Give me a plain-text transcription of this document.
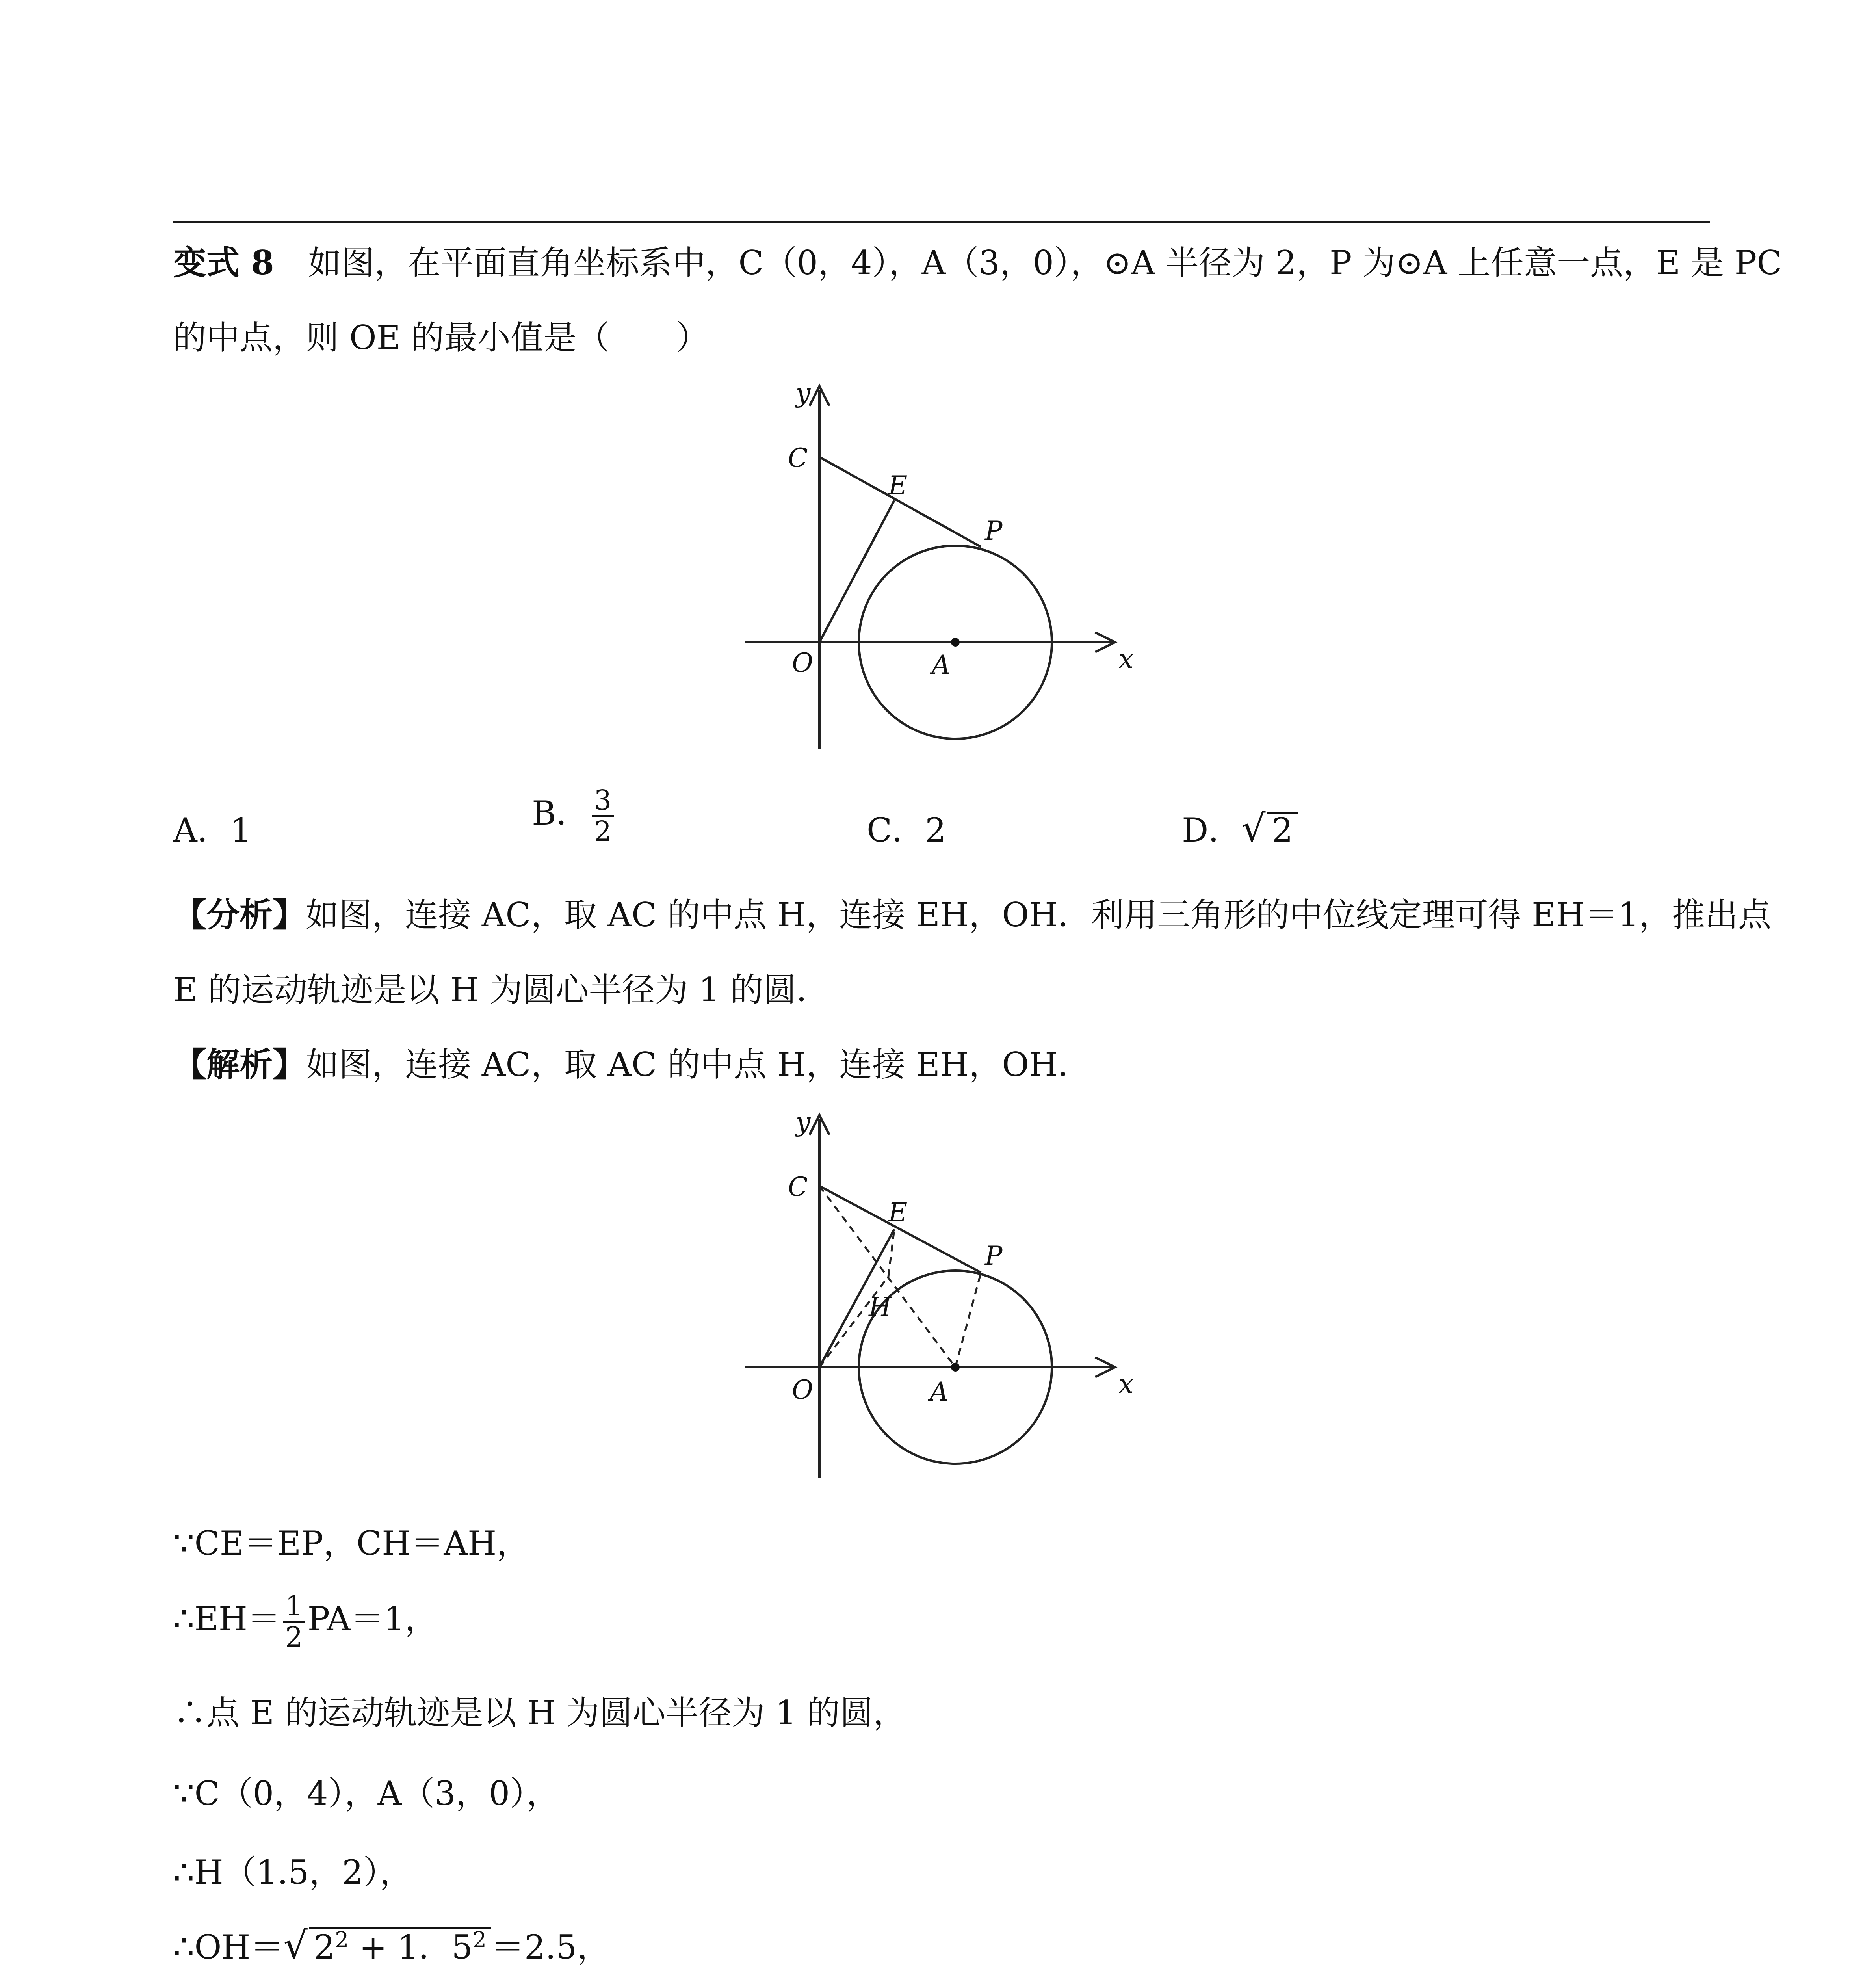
变式 8 如图，在平面直角坐标系中，C（0，4），A（3，0），⊙A 半径为 2，P 为⊙A 上任意一点，E 是 PC
的中点，则 OE 的最小值是（　　）
y
C
E
P
O	A	x
A．1	B． $\frac{3}{2}$	C．2	D．√ 2
【分析】如图，连接 AC，取 AC 的中点 H，连接 EH，OH．利用三角形的中位线定理可得 EH＝1，推出点
E 的运动轨迹是以 H 为圆心半径为 1 的圆．
【解析】如图，连接 AC，取 AC 的中点 H，连接 EH，OH．
y
C
E
P
H
O	A	x
∵CE＝EP，CH＝AH，
∴EH＝ $\frac{1}{2} PA=1$，
∴点 E 的运动轨迹是以 H 为圆心半径为 1 的圆，
∵C（0，4），A（3，0），
∴H（1.5，2），
∴OH＝√ $2^2 + 1$．$5^2 =2.5$，
